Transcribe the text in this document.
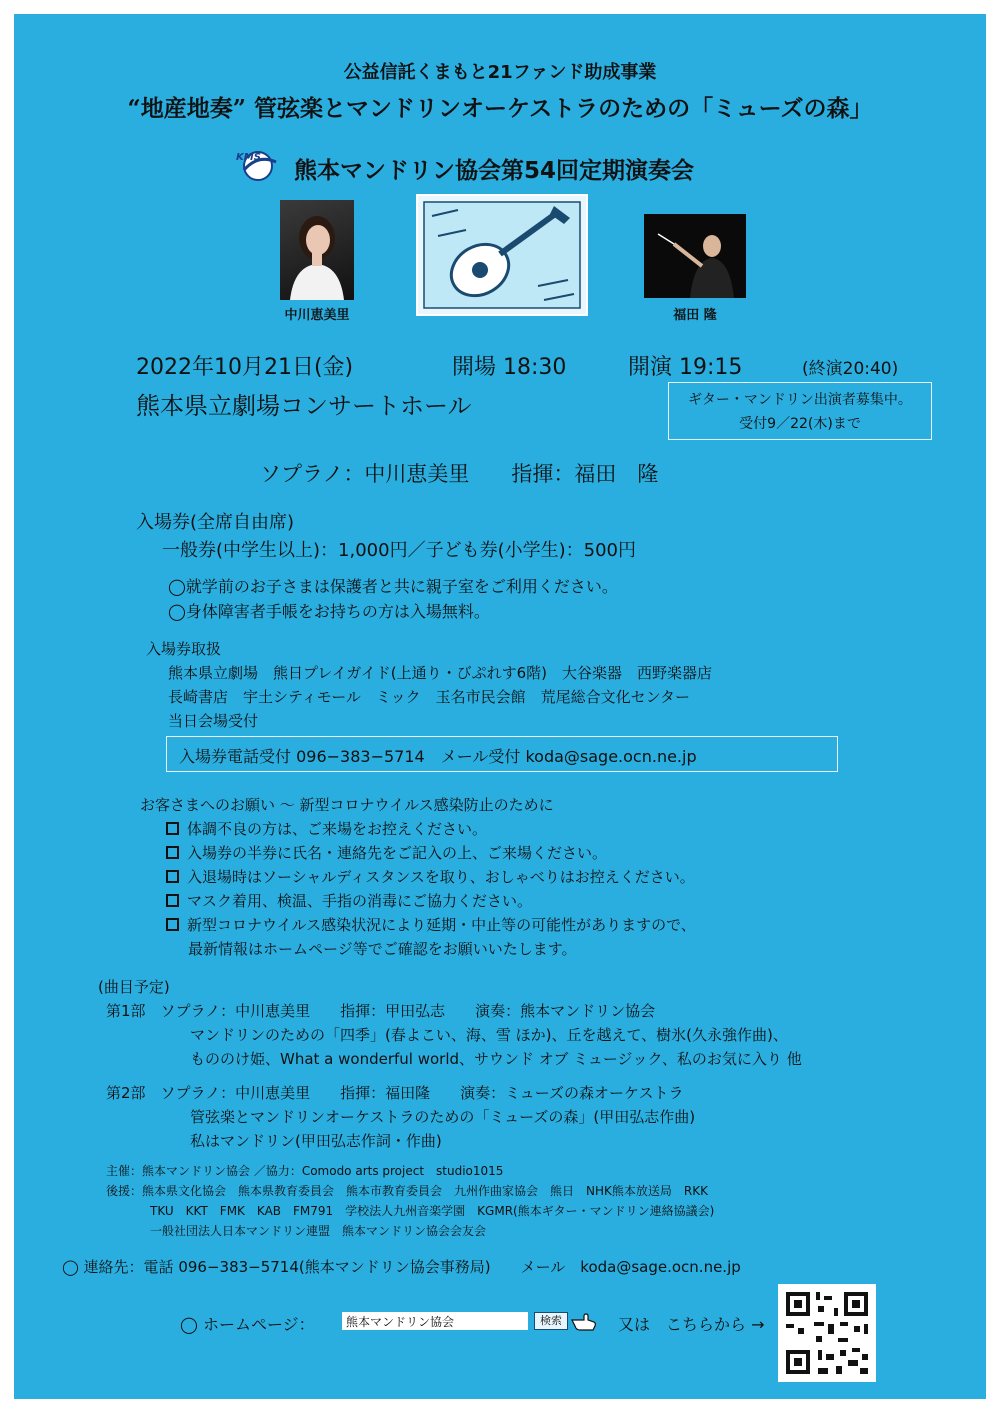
公益信託くまもと21ファンド助成事業
“地産地奏” 管弦楽とマンドリンオーケストラのための「ミューズの森」
KMS
熊本マンドリン協会第54回定期演奏会
中川恵美里	福田 隆
2022年10月21日(金)	開場 18:30	開演 19:15	(終演20:40)
熊本県立劇場コンサートホール	ギター・マンドリン出演者募集中。
受付9／22(木)まで
ソプラノ：中川恵美里　　指揮：福田　隆
入場券(全席自由席)
一般券(中学生以上)：1,000円／子ども券(小学生)：500円
◯就学前のお子さまは保護者と共に親子室をご利用ください。
◯身体障害者手帳をお持ちの方は入場無料。
入場券取扱
熊本県立劇場　熊日プレイガイド(上通り・びぷれす6階)　大谷楽器　西野楽器店
長崎書店　宇土シティモール　ミック　玉名市民会館　荒尾総合文化センター
当日会場受付
入場券電話受付 096−383−5714　メール受付 koda@sage.ocn.ne.jp
お客さまへのお願い ～ 新型コロナウイルス感染防止のために
体調不良の方は、ご来場をお控えください。
入場券の半券に氏名・連絡先をご記入の上、ご来場ください。
入退場時はソーシャルディスタンスを取り、おしゃべりはお控えください。
マスク着用、検温、手指の消毒にご協力ください。
新型コロナウイルス感染状況により延期・中止等の可能性がありますので、
最新情報はホームページ等でご確認をお願いいたします。
(曲目予定)
第1部　ソプラノ：中川恵美里　　指揮：甲田弘志　　演奏：熊本マンドリン協会
マンドリンのための「四季」(春よこい、海、雪 ほか)、丘を越えて、樹氷(久永強作曲)、
もののけ姫、What a wonderful world、サウンド オブ ミュージック、私のお気に入り 他
第2部　ソプラノ：中川恵美里　　指揮：福田隆　　演奏：ミューズの森オーケストラ
管弦楽とマンドリンオーケストラのための「ミューズの森」(甲田弘志作曲)
私はマンドリン(甲田弘志作詞・作曲)
主催：熊本マンドリン協会 ／協力：Comodo arts project　studio1015
後援：熊本県文化協会　熊本県教育委員会　熊本市教育委員会　九州作曲家協会　熊日　NHK熊本放送局　RKK
TKU　KKT　FMK　KAB　FM791　学校法人九州音楽学園　KGMR(熊本ギター・マンドリン連絡協議会)
一般社団法人日本マンドリン連盟　熊本マンドリン協会会友会
◯ 連絡先：電話 096−383−5714(熊本マンドリン協会事務局)　　メール　koda@sage.ocn.ne.jp
◯ ホームページ：	熊本マンドリン協会	検索	又は　こちらから →
